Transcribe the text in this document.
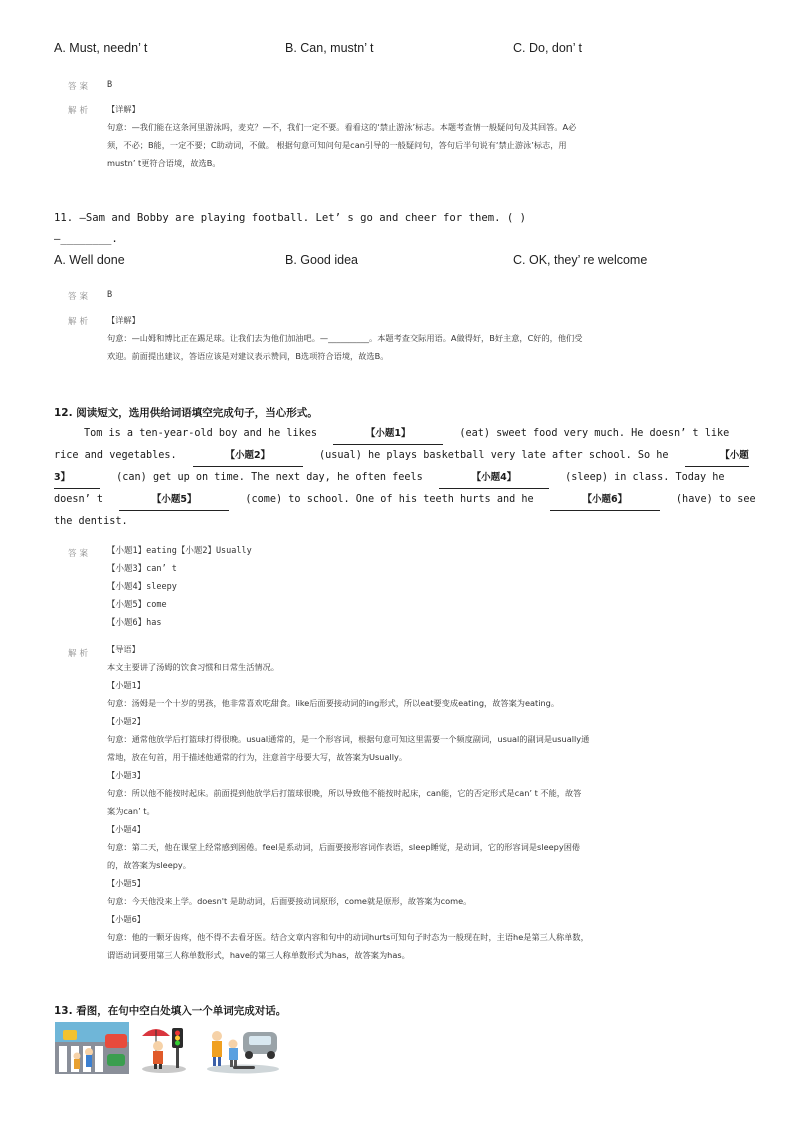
A. Must, needn’ t	B. Can, mustn’ t	C. Do, don’ t
答案 B
解析 【详解】
句意：—我们能在这条河里游泳吗，麦克？—不，我们一定不要。看看这的‘禁止游泳’标志。本题考查情一般疑问句及其回答。A必
须，不必；B能，一定不要；C助动词，不做。 根据句意可知问句是can引导的一般疑问句，答句后半句说有‘禁止游泳’标志，用
mustn’ t更符合语境，故选B。
11. —Sam and Bobby are playing football. Let’ s go and cheer for them. ( )
—________.
A. Well done	B. Good idea	C. OK, they’ re welcome
答案 B
解析 【详解】
句意：—山姆和博比正在踢足球。让我们去为他们加油吧。—__________。本题考查交际用语。A做得好，B好主意，C好的，他们受
欢迎。前面提出建议，答语应该是对建议表示赞同，B选项符合语境，故选B。
12. 阅读短文，选用供给词语填空完成句子，当心形式。
Tom is a ten-year-old boy and he likes	【小题1】	(eat) sweet food very much. He doesn’ t like
rice and vegetables.	【小题2】	(usual) he plays basketball very late after school. So he	【小题
3】	(can) get up on time. The next day, he often feels	【小题4】	(sleep) in class. Today he
doesn’ t	【小题5】	(come) to school. One of his teeth hurts and he	【小题6】	(have) to see
the dentist.
答案 【小题1】eating【小题2】Usually
【小题3】can’ t
【小题4】sleepy
【小题5】come
【小题6】has
解析 【导语】
本文主要讲了汤姆的饮食习惯和日常生活情况。
【小题1】
句意：汤姆是一个十岁的男孩，他非常喜欢吃甜食。like后面要接动词的ing形式，所以eat要变成eating，故答案为eating。
【小题2】
句意：通常他放学后打篮球打得很晚。usual通常的，是一个形容词，根据句意可知这里需要一个频度副词，usual的副词是usually通
常地，放在句首，用于描述他通常的行为，注意首字母要大写，故答案为Usually。
【小题3】
句意：所以他不能按时起床。前面提到他放学后打篮球很晚，所以导致他不能按时起床，can能，它的否定形式是can’ t 不能，故答
案为can’ t。
【小题4】
句意：第二天，他在课堂上经常感到困倦。feel是系动词，后面要接形容词作表语，sleep睡觉，是动词，它的形容词是sleepy困倦
的，故答案为sleepy。
【小题5】
句意：今天他没来上学。doesn't 是助动词，后面要接动词原形，come就是原形，故答案为come。
【小题6】
句意：他的一颗牙齿疼，他不得不去看牙医。结合文章内容和句中的动词hurts可知句子时态为一般现在时，主语he是第三人称单数，
谓语动词要用第三人称单数形式，have的第三人称单数形式为has，故答案为has。
13. 看图，在句中空白处填入一个单词完成对话。
